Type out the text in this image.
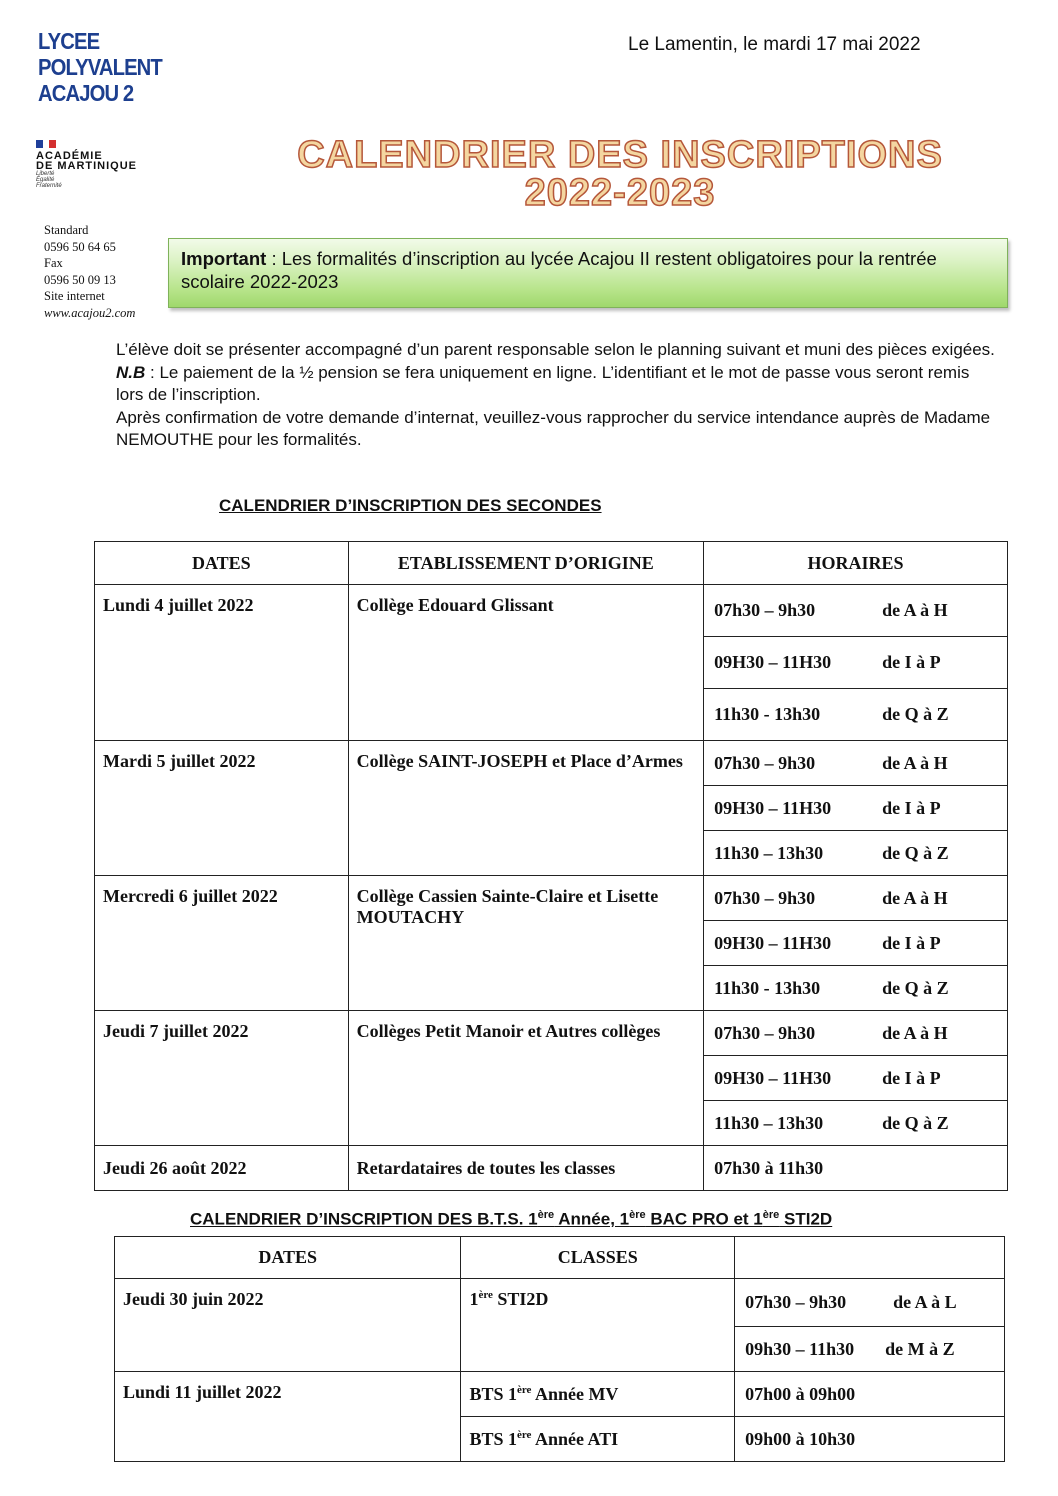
LYCEE
POLYVALENT
ACAJOU 2
Le Lamentin, le mardi 17 mai 2022
ACADÉMIE
DE MARTINIQUE
Liberté
Égalité
Fraternité
CALENDRIER DES INSCRIPTIONS
2022-2023
Standard
0596 50 64 65
Fax
0596 50 09 13
Site internet
www.acajou2.com
Important : Les formalités d’inscription au lycée Acajou II restent obligatoires pour la rentrée scolaire 2022-2023

L’élève doit se présenter accompagné d’un parent responsable selon le planning suivant et muni des pièces exigées.

N.B : Le paiement de la ½ pension se fera uniquement en ligne. L’identifiant et le mot de passe vous seront remis lors de l’inscription.

Après confirmation de votre demande d’internat, veuillez-vous rapprocher du service intendance auprès de Madame NEMOUTHE pour les formalités.

CALENDRIER D’INSCRIPTION DES SECONDES
DATES	ETABLISSEMENT D’ORIGINE	HORAIRES
Lundi 4 juillet 2022	Collège Edouard Glissant	07h30 – 9h30 de A à H
		09H30 – 11H30 de I à P
		11h30 - 13h30 de Q à Z
Mardi 5 juillet 2022	Collège SAINT-JOSEPH et Place d’Armes	07h30 – 9h30 de A à H
		09H30 – 11H30 de I à P
		11h30 – 13h30 de Q à Z
Mercredi 6 juillet 2022	Collège Cassien Sainte-Claire et Lisette MOUTACHY	07h30 – 9h30 de A à H
		09H30 – 11H30 de I à P
		11h30 - 13h30 de Q à Z
Jeudi 7 juillet 2022	Collèges Petit Manoir et Autres collèges	07h30 – 9h30 de A à H
		09H30 – 11H30 de I à P
		11h30 – 13h30 de Q à Z
Jeudi 26 août 2022	Retardataires de toutes les classes	07h30 à 11h30
CALENDRIER D’INSCRIPTION DES B.T.S. 1ère Année, 1ère BAC PRO et 1ère STI2D
DATES	CLASSES	
Jeudi 30 juin 2022	1ère STI2D	07h30 – 9h30 de A à L
		09h30 – 11h30 de M à Z
Lundi 11 juillet 2022	BTS 1ère Année MV	07h00 à 09h00
	BTS 1ère Année ATI	09h00 à 10h30
